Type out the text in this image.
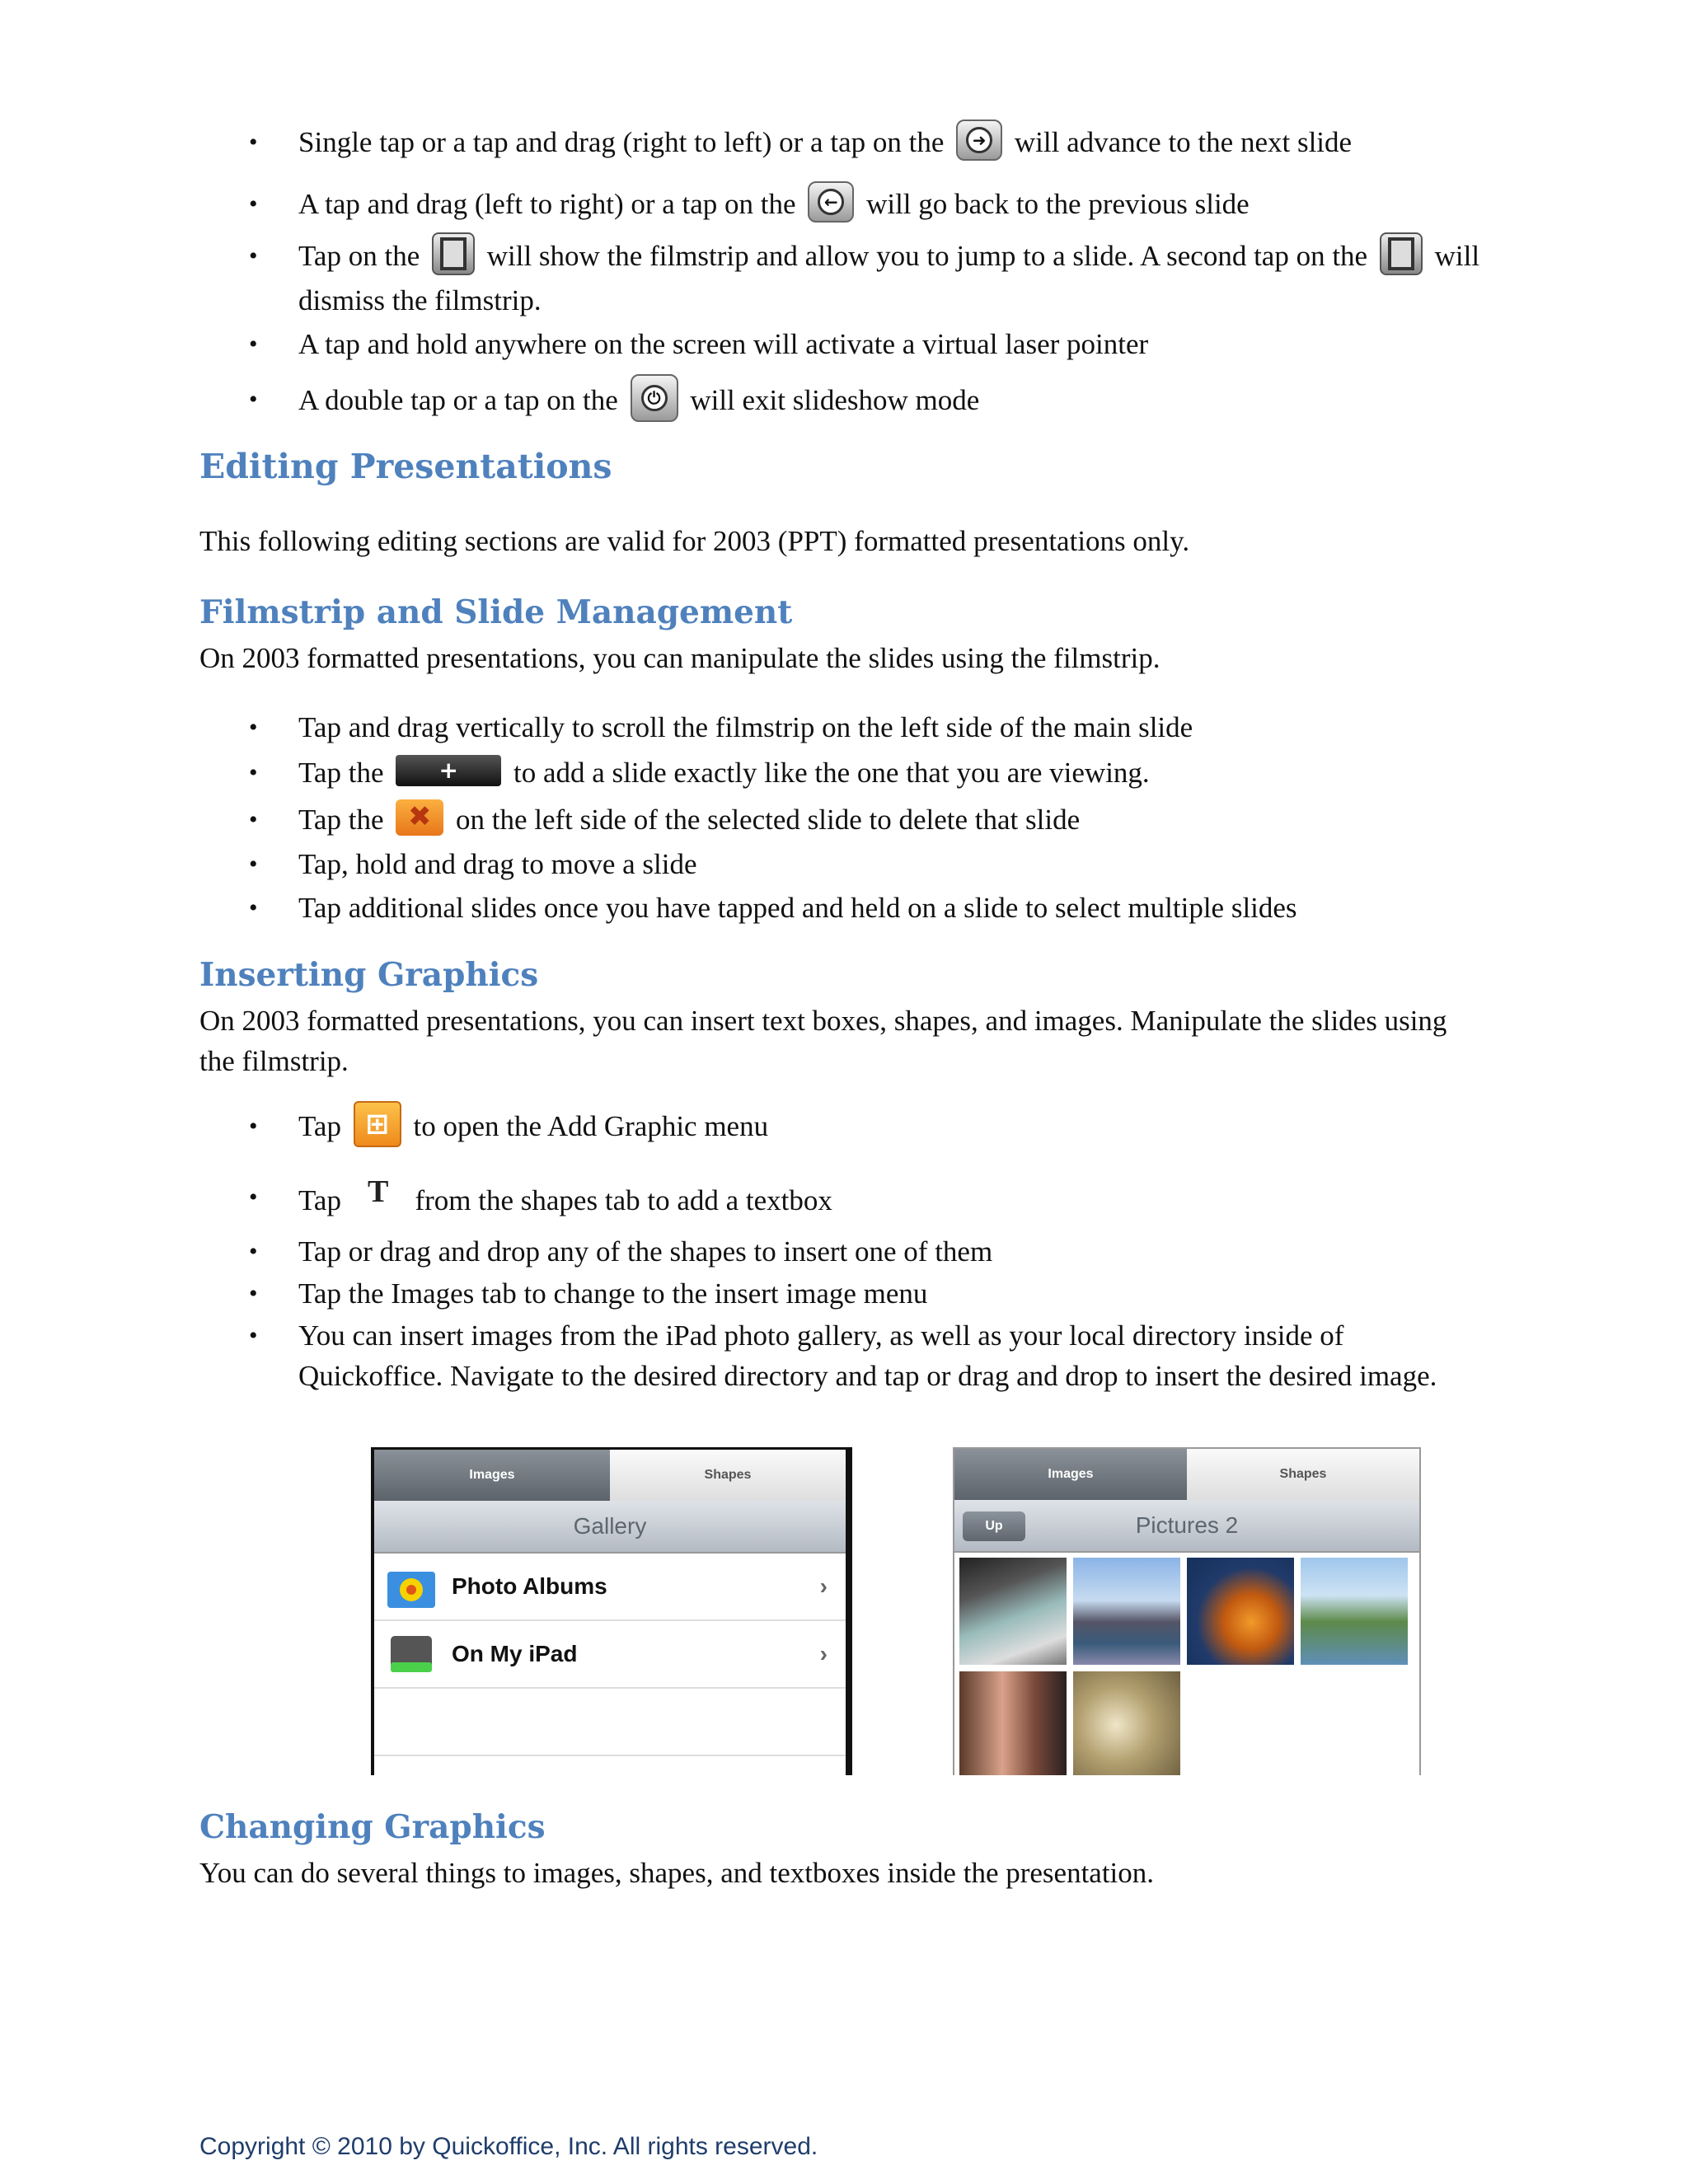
• Single tap or a tap and drag (right to left) or a tap on the	➜ will advance to the next slide
• A tap and drag (left to right) or a tap on the	← will go back to the previous slide
• Tap on the will show the filmstrip and allow you to jump to a slide. A second tap on the will dismiss the filmstrip.
• A tap and hold anywhere on the screen will activate a virtual laser pointer
• A double tap or a tap on the	⏻ will exit slideshow mode
Editing Presentations
This following editing sections are valid for 2003 (PPT) formatted presentations only.
Filmstrip and Slide Management
On 2003 formatted presentations, you can manipulate the slides using the filmstrip.
• Tap and drag vertically to scroll the filmstrip on the left side of the main slide
• Tap the + to add a slide exactly like the one that you are viewing.
• Tap the ✖ on the left side of the selected slide to delete that slide
• Tap, hold and drag to move a slide
• Tap additional slides once you have tapped and held on a slide to select multiple slides
Inserting Graphics
On 2003 formatted presentations, you can insert text boxes, shapes, and images. Manipulate the slides using the filmstrip.
• Tap ⊞ to open the Add Graphic menu
• Tap T from the shapes tab to add a textbox
• Tap or drag and drop any of the shapes to insert one of them
• Tap the Images tab to change to the insert image menu
• You can insert images from the iPad photo gallery, as well as your local directory inside of Quickoffice. Navigate to the desired directory and tap or drag and drop to insert the desired image.
Images	Shapes
Gallery
Photo Albums	›
On My iPad	›
Images	Shapes
Up	Pictures 2
Changing Graphics
You can do several things to images, shapes, and textboxes inside the presentation.
Copyright © 2010 by Quickoffice, Inc. All rights reserved.
